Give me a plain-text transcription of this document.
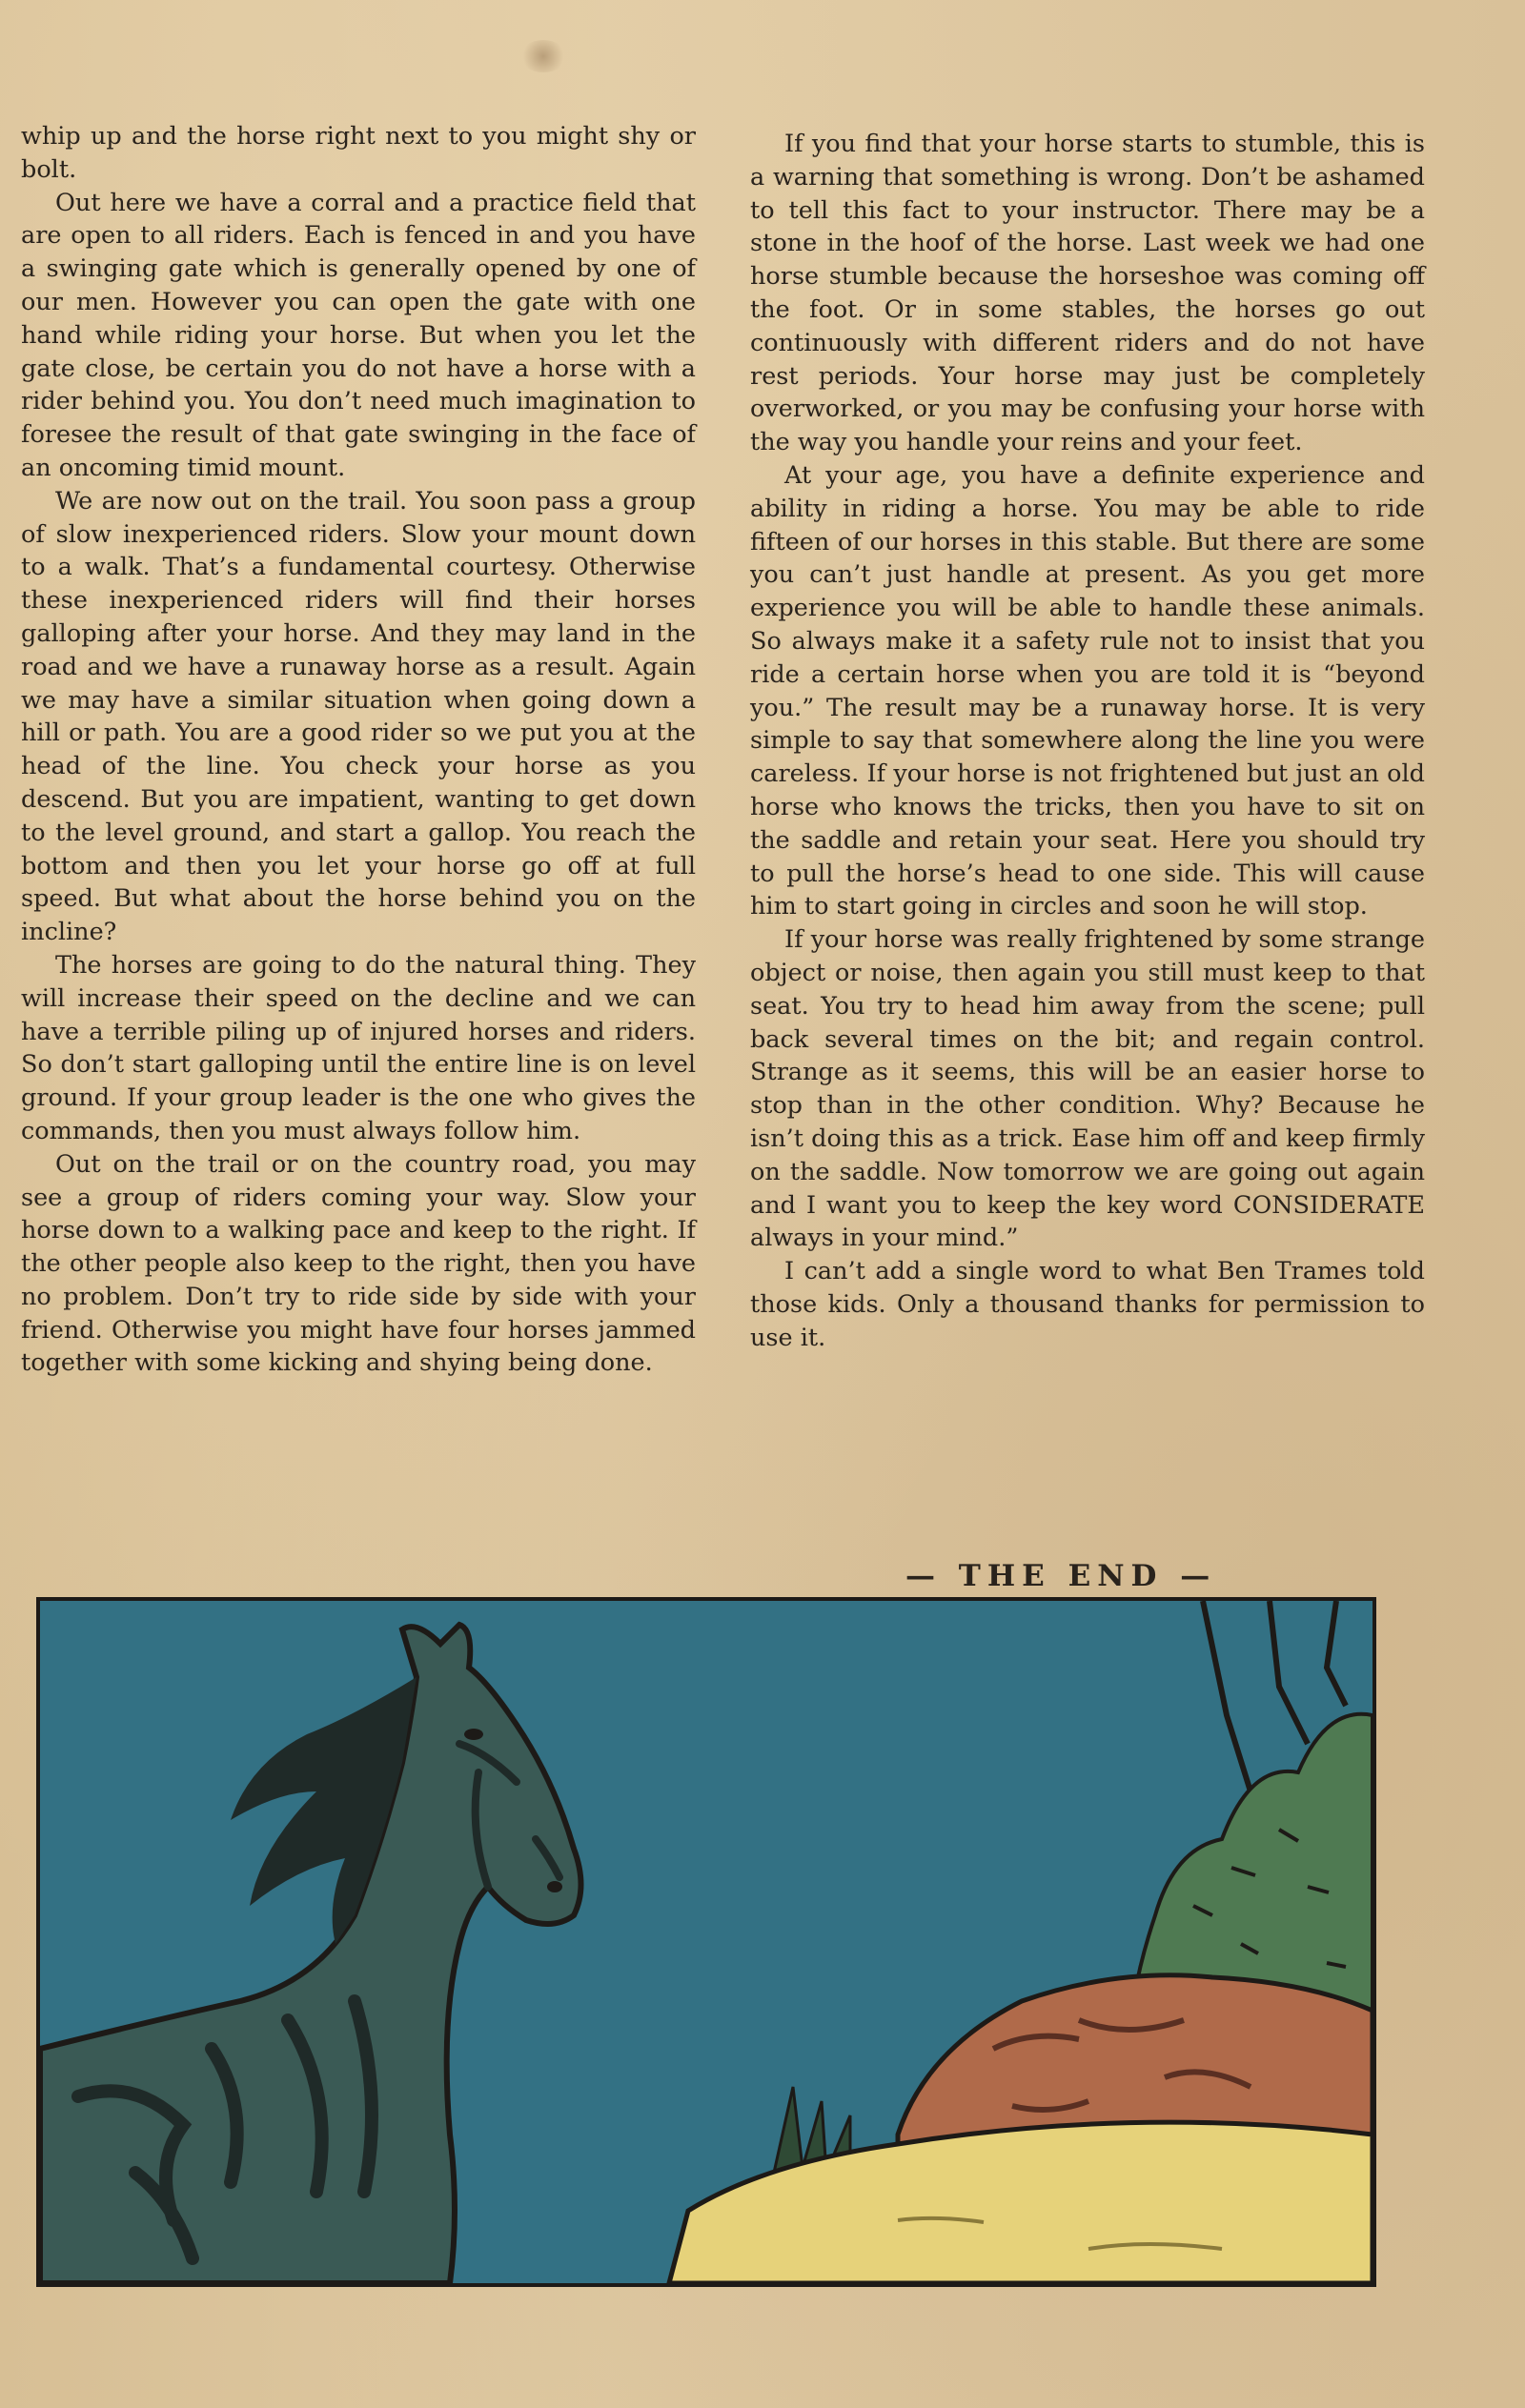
whip up and the horse right next to you might shy or bolt.

Out here we have a corral and a practice field that are open to all riders. Each is fenced in and you have a swinging gate which is generally opened by one of our men. However you can open the gate with one hand while riding your horse. But when you let the gate close, be certain you do not have a horse with a rider behind you. You don’t need much imagination to foresee the result of that gate swinging in the face of an oncoming timid mount.

We are now out on the trail. You soon pass a group of slow inexperienced riders. Slow your mount down to a walk. That’s a fundamental courtesy. Otherwise these inexperienced riders will find their horses galloping after your horse. And they may land in the road and we have a runaway horse as a result. Again we may have a similar situation when going down a hill or path. You are a good rider so we put you at the head of the line. You check your horse as you descend. But you are impatient, wanting to get down to the level ground, and start a gallop. You reach the bottom and then you let your horse go off at full speed. But what about the horse behind you on the incline?

The horses are going to do the natural thing. They will increase their speed on the decline and we can have a terrible piling up of injured horses and riders. So don’t start galloping until the entire line is on level ground. If your group leader is the one who gives the commands, then you must always follow him.

Out on the trail or on the country road, you may see a group of riders coming your way. Slow your horse down to a walking pace and keep to the right. If the other people also keep to the right, then you have no problem. Don’t try to ride side by side with your friend. Otherwise you might have four horses jammed together with some kicking and shying being done.

If you find that your horse starts to stumble, this is a warning that something is wrong. Don’t be ashamed to tell this fact to your instructor. There may be a stone in the hoof of the horse. Last week we had one horse stumble because the horseshoe was coming off the foot. Or in some stables, the horses go out continuously with different riders and do not have rest periods. Your horse may just be completely overworked, or you may be confusing your horse with the way you handle your reins and your feet.

At your age, you have a definite experience and ability in riding a horse. You may be able to ride fifteen of our horses in this stable. But there are some you can’t just handle at present. As you get more experience you will be able to handle these animals. So always make it a safety rule not to insist that you ride a certain horse when you are told it is “beyond you.” The result may be a runaway horse. It is very simple to say that somewhere along the line you were careless. If your horse is not frightened but just an old horse who knows the tricks, then you have to sit on the saddle and retain your seat. Here you should try to pull the horse’s head to one side. This will cause him to start going in circles and soon he will stop.

If your horse was really frightened by some strange object or noise, then again you still must keep to that seat. You try to head him away from the scene; pull back several times on the bit; and regain control. Strange as it seems, this will be an easier horse to stop than in the other condition. Why? Because he isn’t doing this as a trick. Ease him off and keep firmly on the saddle. Now tomorrow we are going out again and I want you to keep the key word CONSIDERATE always in your mind.”

I can’t add a single word to what Ben Trames told those kids. Only a thousand thanks for permission to use it.

— THE END —
